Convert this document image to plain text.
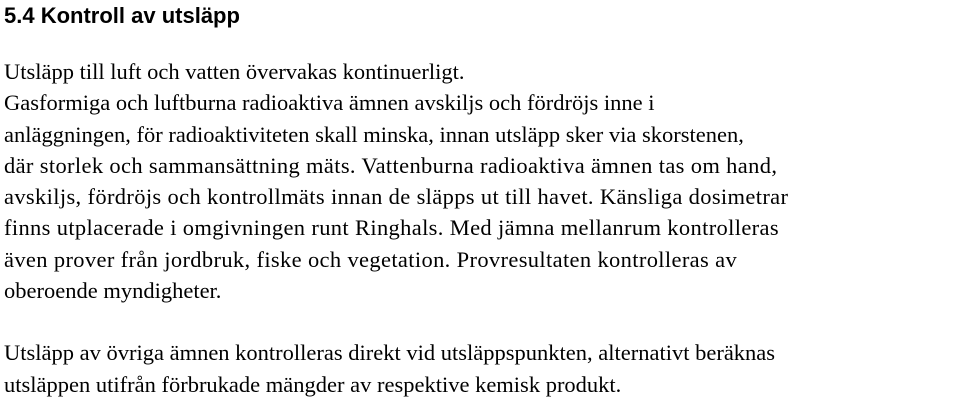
5.4 Kontroll av utsläpp

Utsläpp till luft och vatten övervakas kontinuerligt.
Gasformiga och luftburna radioaktiva ämnen avskiljs och fördröjs inne i
anläggningen, för radioaktiviteten skall minska, innan utsläpp sker via skorstenen,
där storlek och sammansättning mäts. Vattenburna radioaktiva ämnen tas om hand,
avskiljs, fördröjs och kontrollmäts innan de släpps ut till havet. Känsliga dosimetrar
finns utplacerade i omgivningen runt Ringhals. Med jämna mellanrum kontrolleras
även prover från jordbruk, fiske och vegetation. Provresultaten kontrolleras av
oberoende myndigheter.

Utsläpp av övriga ämnen kontrolleras direkt vid utsläppspunkten, alternativt beräknas
utsläppen utifrån förbrukade mängder av respektive kemisk produkt.
